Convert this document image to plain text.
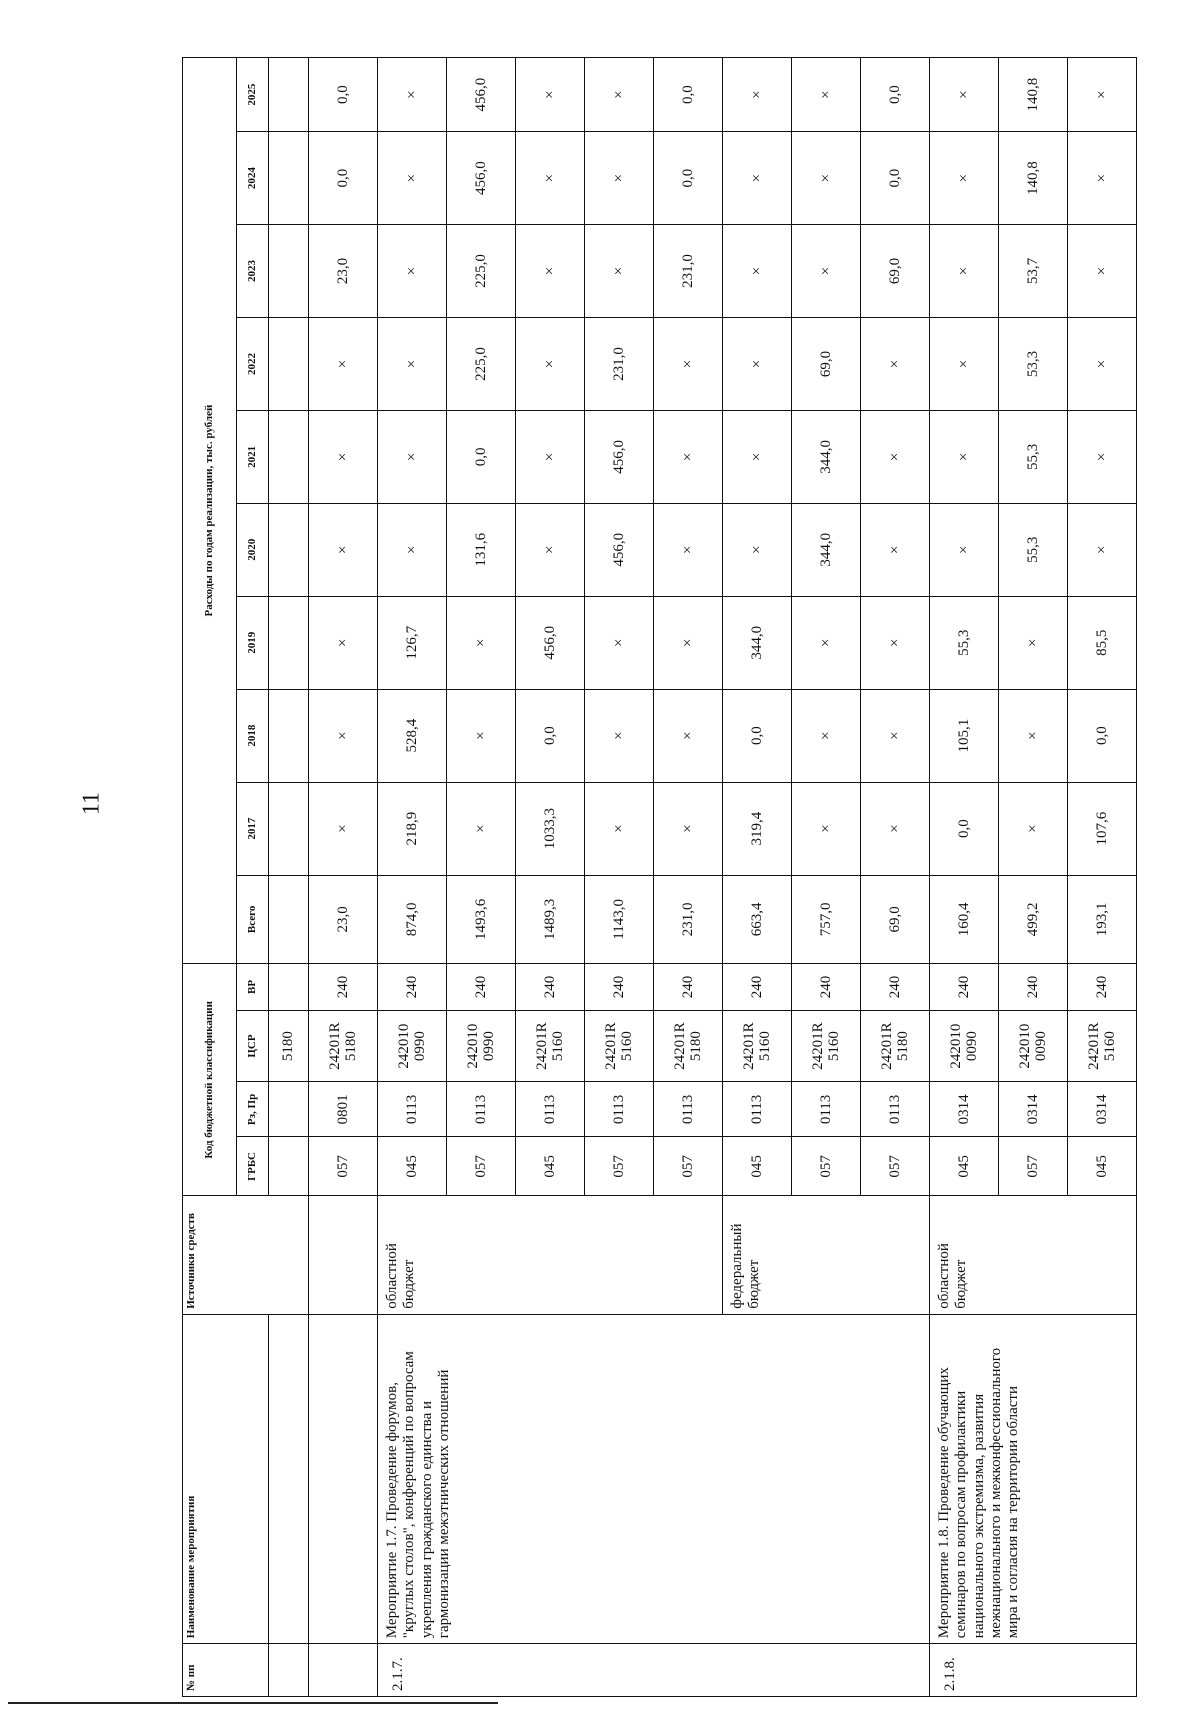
11
№ пп	Наименование мероприятия	Источники средств	Код бюджетной классификации				Расходы по годам реализации, тыс. рублей									
			ГРБС	Рз, Пр	ЦСР	ВР	Всего	2017	2018	2019	2020	2021	2022	2023	2024	2025
					5180											
			057	0801	24201R 5180	240	23,0	×	×	×	×	×	×	23,0	0,0	0,0
2.1.7.	Мероприятие 1.7. Проведение форумов, "круглых столов", конференций по вопросам укрепления гражданского единства и гармонизации межэтнических отношений	областной бюджет	045	0113	242010 0990	240	874,0	218,9	528,4	126,7	×	×	×	×	×	×
			057	0113	242010 0990	240	1493,6	×	×	×	131,6	0,0	225,0	225,0	456,0	456,0
			045	0113	24201R 5160	240	1489,3	1033,3	0,0	456,0	×	×	×	×	×	×
			057	0113	24201R 5160	240	1143,0	×	×	×	456,0	456,0	231,0	×	×	×
			057	0113	24201R 5180	240	231,0	×	×	×	×	×	×	231,0	0,0	0,0
		федеральный бюджет	045	0113	24201R 5160	240	663,4	319,4	0,0	344,0	×	×	×	×	×	×
			057	0113	24201R 5160	240	757,0	×	×	×	344,0	344,0	69,0	×	×	×
			057	0113	24201R 5180	240	69,0	×	×	×	×	×	×	69,0	0,0	0,0
2.1.8.	Мероприятие 1.8. Проведение обучающих семинаров по вопросам профилактики национального экстремизма, развития межнационального и межконфессионального мира и согласия на территории области	областной бюджет	045	0314	242010 0090	240	160,4	0,0	105,1	55,3	×	×	×	×	×	×
			057	0314	242010 0090	240	499,2	×	×	×	55,3	55,3	53,3	53,7	140,8	140,8
			045	0314	24201R 5160	240	193,1	107,6	0,0	85,5	×	×	×	×	×	×
